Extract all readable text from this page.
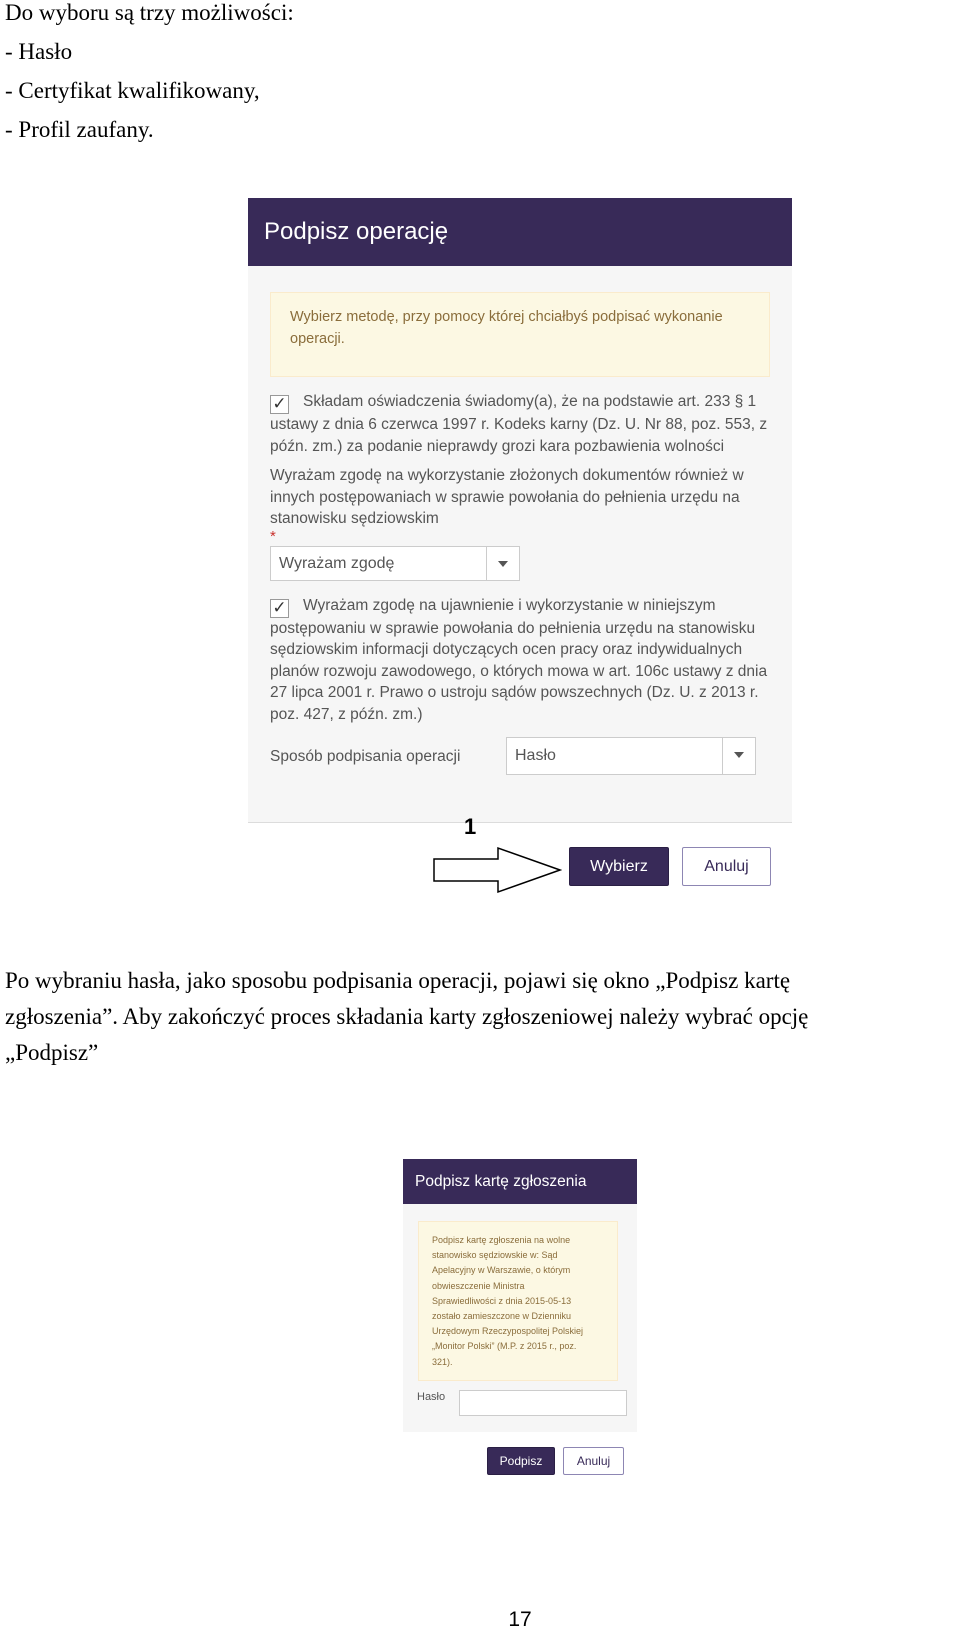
Do wyboru są trzy możliwości:
- Hasło
- Certyfikat kwalifikowany,
- Profil zaufany.
Podpisz operację
Wybierz metodę, przy pomocy której chciałbyś podpisać wykonanie operacji.
✓ Składam oświadczenia świadomy(a), że na podstawie art. 233 § 1 ustawy z dnia 6 czerwca 1997 r. Kodeks karny (Dz. U. Nr 88, poz. 553, z późn. zm.) za podanie nieprawdy grozi kara pozbawienia wolności
Wyrażam zgodę na wykorzystanie złożonych dokumentów również w innych postępowaniach w sprawie powołania do pełnienia urzędu na stanowisku sędziowskim
*
Wyrażam zgodę
✓ Wyrażam zgodę na ujawnienie i wykorzystanie w niniejszym postępowaniu w sprawie powołania do pełnienia urzędu na stanowisku sędziowskim informacji dotyczących ocen pracy oraz indywidualnych planów rozwoju zawodowego, o których mowa w art. 106c ustawy z dnia 27 lipca 2001 r. Prawo o ustroju sądów powszechnych (Dz. U. z 2013 r. poz. 427, z późn. zm.)
Sposób podpisania operacji	Hasło
1
Wybierz	Anuluj
Po wybraniu hasła, jako sposobu podpisania operacji, pojawi się okno „Podpisz kartę
zgłoszenia”. Aby zakończyć proces składania karty zgłoszeniowej należy wybrać opcję
„Podpisz”
Podpisz kartę zgłoszenia
Podpisz kartę zgłoszenia na wolne
stanowisko sędziowskie w: Sąd
Apelacyjny w Warszawie, o którym
obwieszczenie Ministra
Sprawiedliwości z dnia 2015-05-13
zostało zamieszczone w Dzienniku
Urzędowym Rzeczypospolitej Polskiej
„Monitor Polski” (M.P. z 2015 r., poz.
321).
Hasło
Podpisz	Anuluj
17
